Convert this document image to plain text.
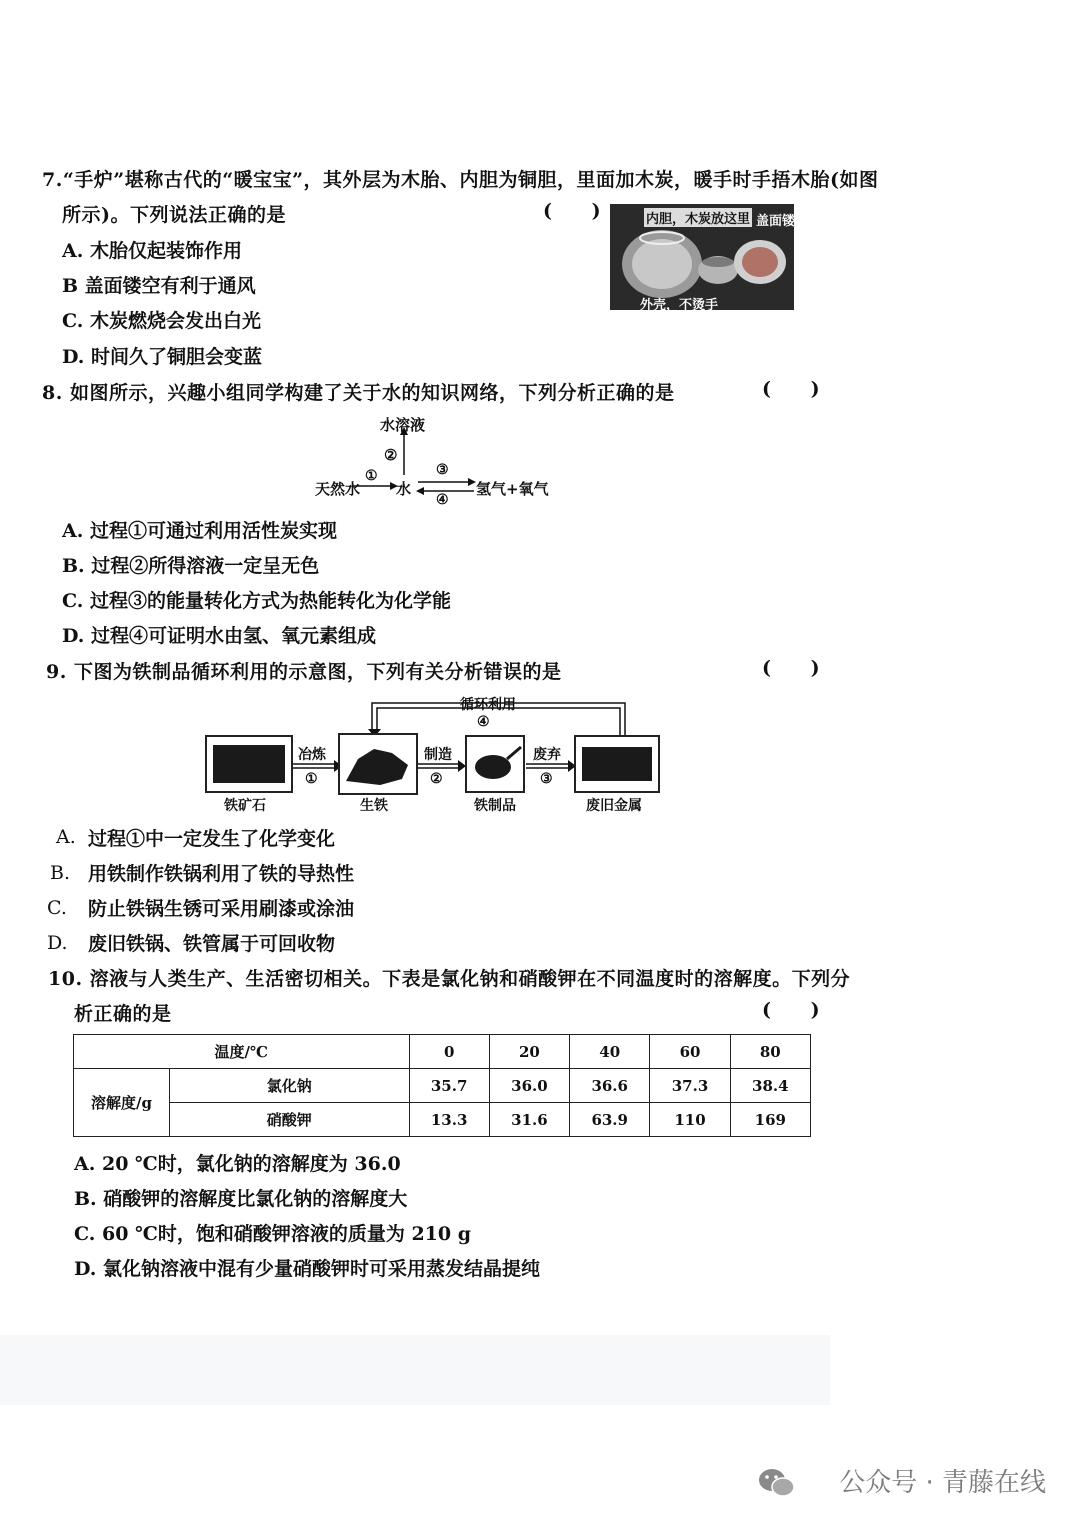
7.“手炉”堪称古代的“暖宝宝”，其外层为木胎、内胆为铜胆，里面加木炭，暖手时手捂木胎(如图
所示)。下列说法正确的是	(      )	内胆，木炭放这里 盖面镂空
外壳，不烫手
A. 木胎仅起装饰作用
B 盖面镂空有利于通风
C. 木炭燃烧会发出白光
D. 时间久了铜胆会变蓝
8. 如图所示，兴趣小组同学构建了关于水的知识网络，下列分析正确的是	(      )
水溶液
②
天然水
①
水
③
④
氢气+氧气
A. 过程①可通过利用活性炭实现
B. 过程②所得溶液一定呈无色
C. 过程③的能量转化方式为热能转化为化学能
D. 过程④可证明水由氢、氧元素组成
9. 下图为铁制品循环利用的示意图，下列有关分析错误的是	(      )
循环利用
④
铁矿石	生铁	铁制品	废旧金属
冶炼
①
制造
②
废弃
③
A. 过程①中一定发生了化学变化
B. 用铁制作铁锅利用了铁的导热性
C. 防止铁锅生锈可采用刷漆或涂油
D. 废旧铁锅、铁管属于可回收物
10. 溶液与人类生产、生活密切相关。下表是氯化钠和硝酸钾在不同温度时的溶解度。下列分
析正确的是	(      )
温度/℃		0	20	40	60	80
溶解度/g	氯化钠	35.7	36.0	36.6	37.3	38.4
	硝酸钾	13.3	31.6	63.9	110	169
A. 20 ℃时，氯化钠的溶解度为 36.0
B. 硝酸钾的溶解度比氯化钠的溶解度大
C. 60 ℃时，饱和硝酸钾溶液的质量为 210 g
D. 氯化钠溶液中混有少量硝酸钾时可采用蒸发结晶提纯
公众号 · 青藤在线
